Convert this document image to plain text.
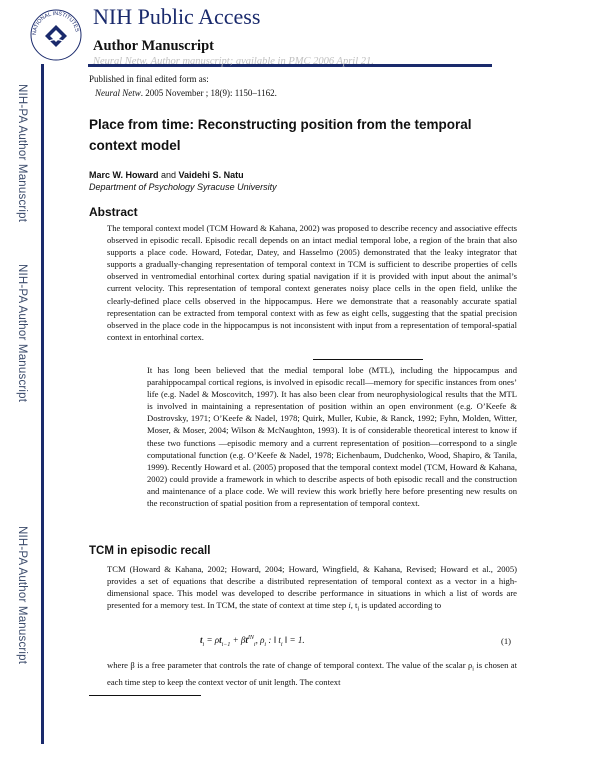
NIH-PA Author Manuscript
NIH-PA Author Manuscript
NIH-PA Author Manuscript
NATIONAL INSTITUTES
NIH Public Access
Author Manuscript
Neural Netw. Author manuscript; available in PMC 2006 April 21.
Published in final edited form as:
Neural Netw. 2005 November ; 18(9): 1150–1162.
Place from time: Reconstructing position from the temporal context model
Marc W. Howard and Vaidehi S. Natu
Department of Psychology Syracuse University
Abstract

The temporal context model (TCM Howard & Kahana, 2002) was proposed to describe recency and associative effects observed in episodic recall. Episodic recall depends on an intact medial temporal lobe, a region of the brain that also supports a place code. Howard, Fotedar, Datey, and Hasselmo (2005) demonstrated that the leaky integrator that supports a gradually-changing representation of temporal context in TCM is sufficient to describe properties of cells observed in ventromedial entorhinal cortex during spatial navigation if it is provided with input about the animal’s current velocity. This representation of temporal context generates noisy place cells in the open field, unlike the clearly-defined place cells observed in the hippocampus. Here we demonstrate that a reasonably accurate spatial representation can be extracted from temporal context with as few as eight cells, suggesting that the spatial precision observed in the place code in the hippocampus is not inconsistent with input from a representation of temporal-spatial context in entorhinal cortex.

It has long been believed that the medial temporal lobe (MTL), including the hippocampus and parahippocampal cortical regions, is involved in episodic recall—memory for specific instances from ones’ life (e.g. Nadel & Moscovitch, 1997). It has also been clear from neurophysiological results that the MTL is involved in maintaining a representation of position within an open environment (e.g. O’Keefe & Dostrovsky, 1971; O’Keefe & Nadel, 1978; Quirk, Muller, Kubie, & Ranck, 1992; Fyhn, Molden, Witter, Moser, & Moser, 2004; Wilson & McNaughton, 1993). It is of considerable theoretical interest to know if these two functions —episodic memory and a current representation of position—correspond to a single computational function (e.g. O’Keefe & Nadel, 1978; Eichenbaum, Dudchenko, Wood, Shapiro, & Tanila, 1999). Recently Howard et al. (2005) proposed that the temporal context model (TCM, Howard & Kahana, 2002) could provide a framework in which to describe aspects of both episodic recall and the construction and maintenance of a place code. We will review this work briefly here before presenting new results on the reconstruction of spatial position from a representation of temporal context.

TCM in episodic recall

TCM (Howard & Kahana, 2002; Howard, 2004; Howard, Wingfield, & Kahana, Revised; Howard et al., 2005) provides a set of equations that describe a distributed representation of temporal context as a vector in a high-dimensional space. This model was developed to describe performance in situations in which a list of words are presented for a memory test. In TCM, the state of context at time step i, $t_i$ is updated according to

$t_i = \rho t_{i-1} + \beta t^{IN}_i$, $\rho_i$ : ‖ $t_i$ ‖ = 1.	(1)

where β is a free parameter that controls the rate of change of temporal context. The value of the scalar $\rho_i$ is chosen at each time step to keep the context vector of unit length. The context
